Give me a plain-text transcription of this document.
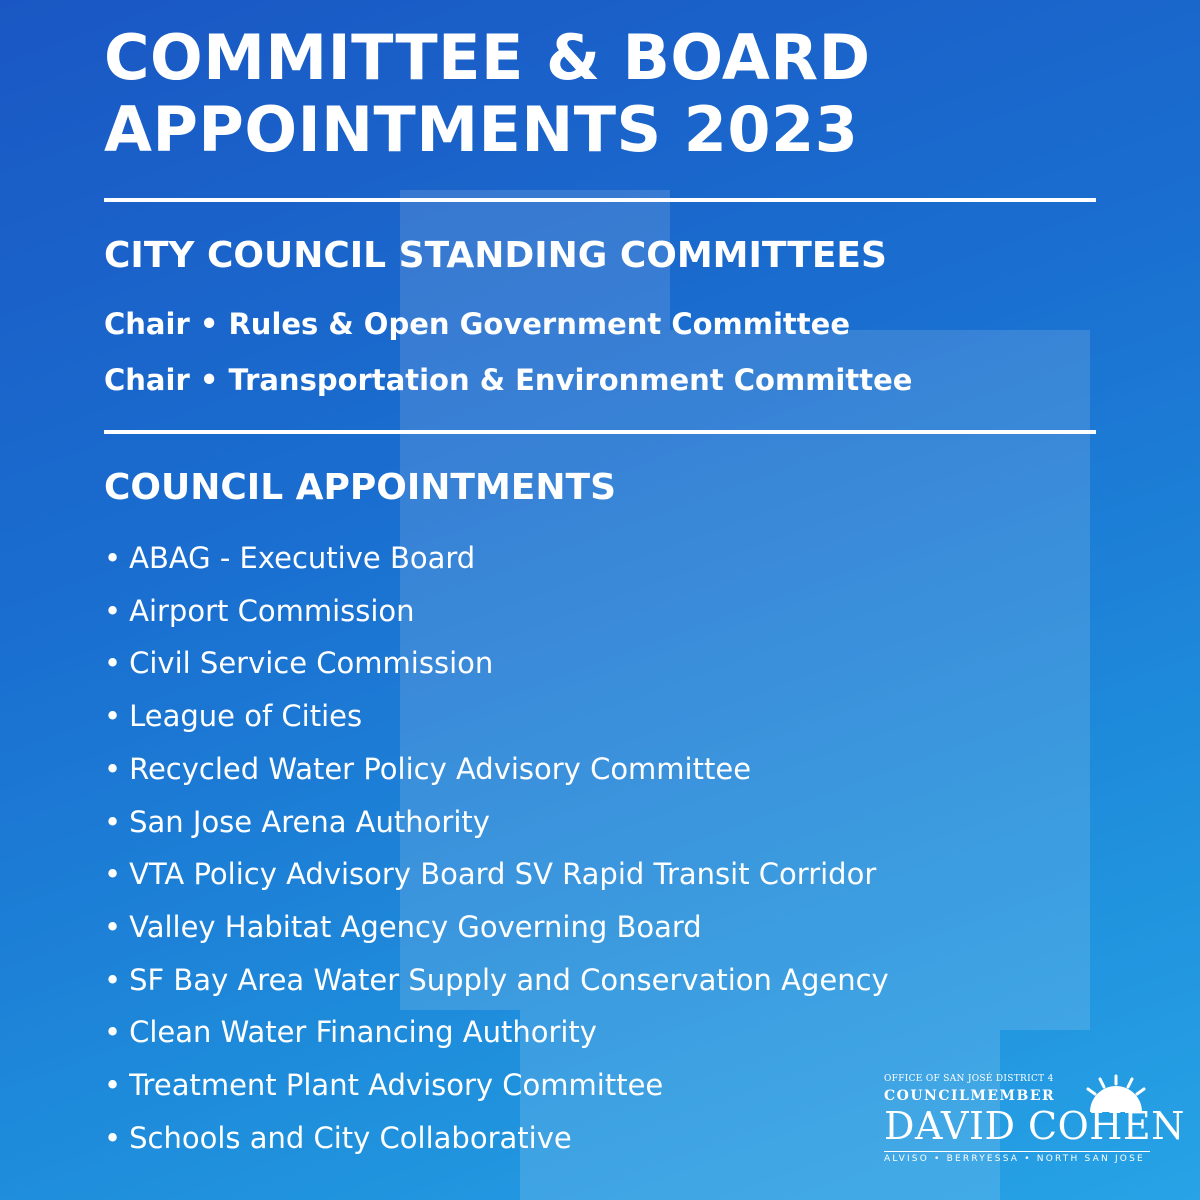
COMMITTEE & BOARD
APPOINTMENTS 2023
CITY COUNCIL STANDING COMMITTEES
Chair • Rules & Open Government Committee
Chair • Transportation & Environment Committee
COUNCIL APPOINTMENTS
• ABAG - Executive Board
• Airport Commission
• Civil Service Commission
• League of Cities
• Recycled Water Policy Advisory Committee
• San Jose Arena Authority
• VTA Policy Advisory Board SV Rapid Transit Corridor
• Valley Habitat Agency Governing Board
• SF Bay Area Water Supply and Conservation Agency
• Clean Water Financing Authority
• Treatment Plant Advisory Committee
• Schools and City Collaborative
OFFICE OF SAN JOSÉ DISTRICT 4
COUNCILMEMBER
DAVID COHEN
ALVISO • BERRYESSA • NORTH SAN JOSE
